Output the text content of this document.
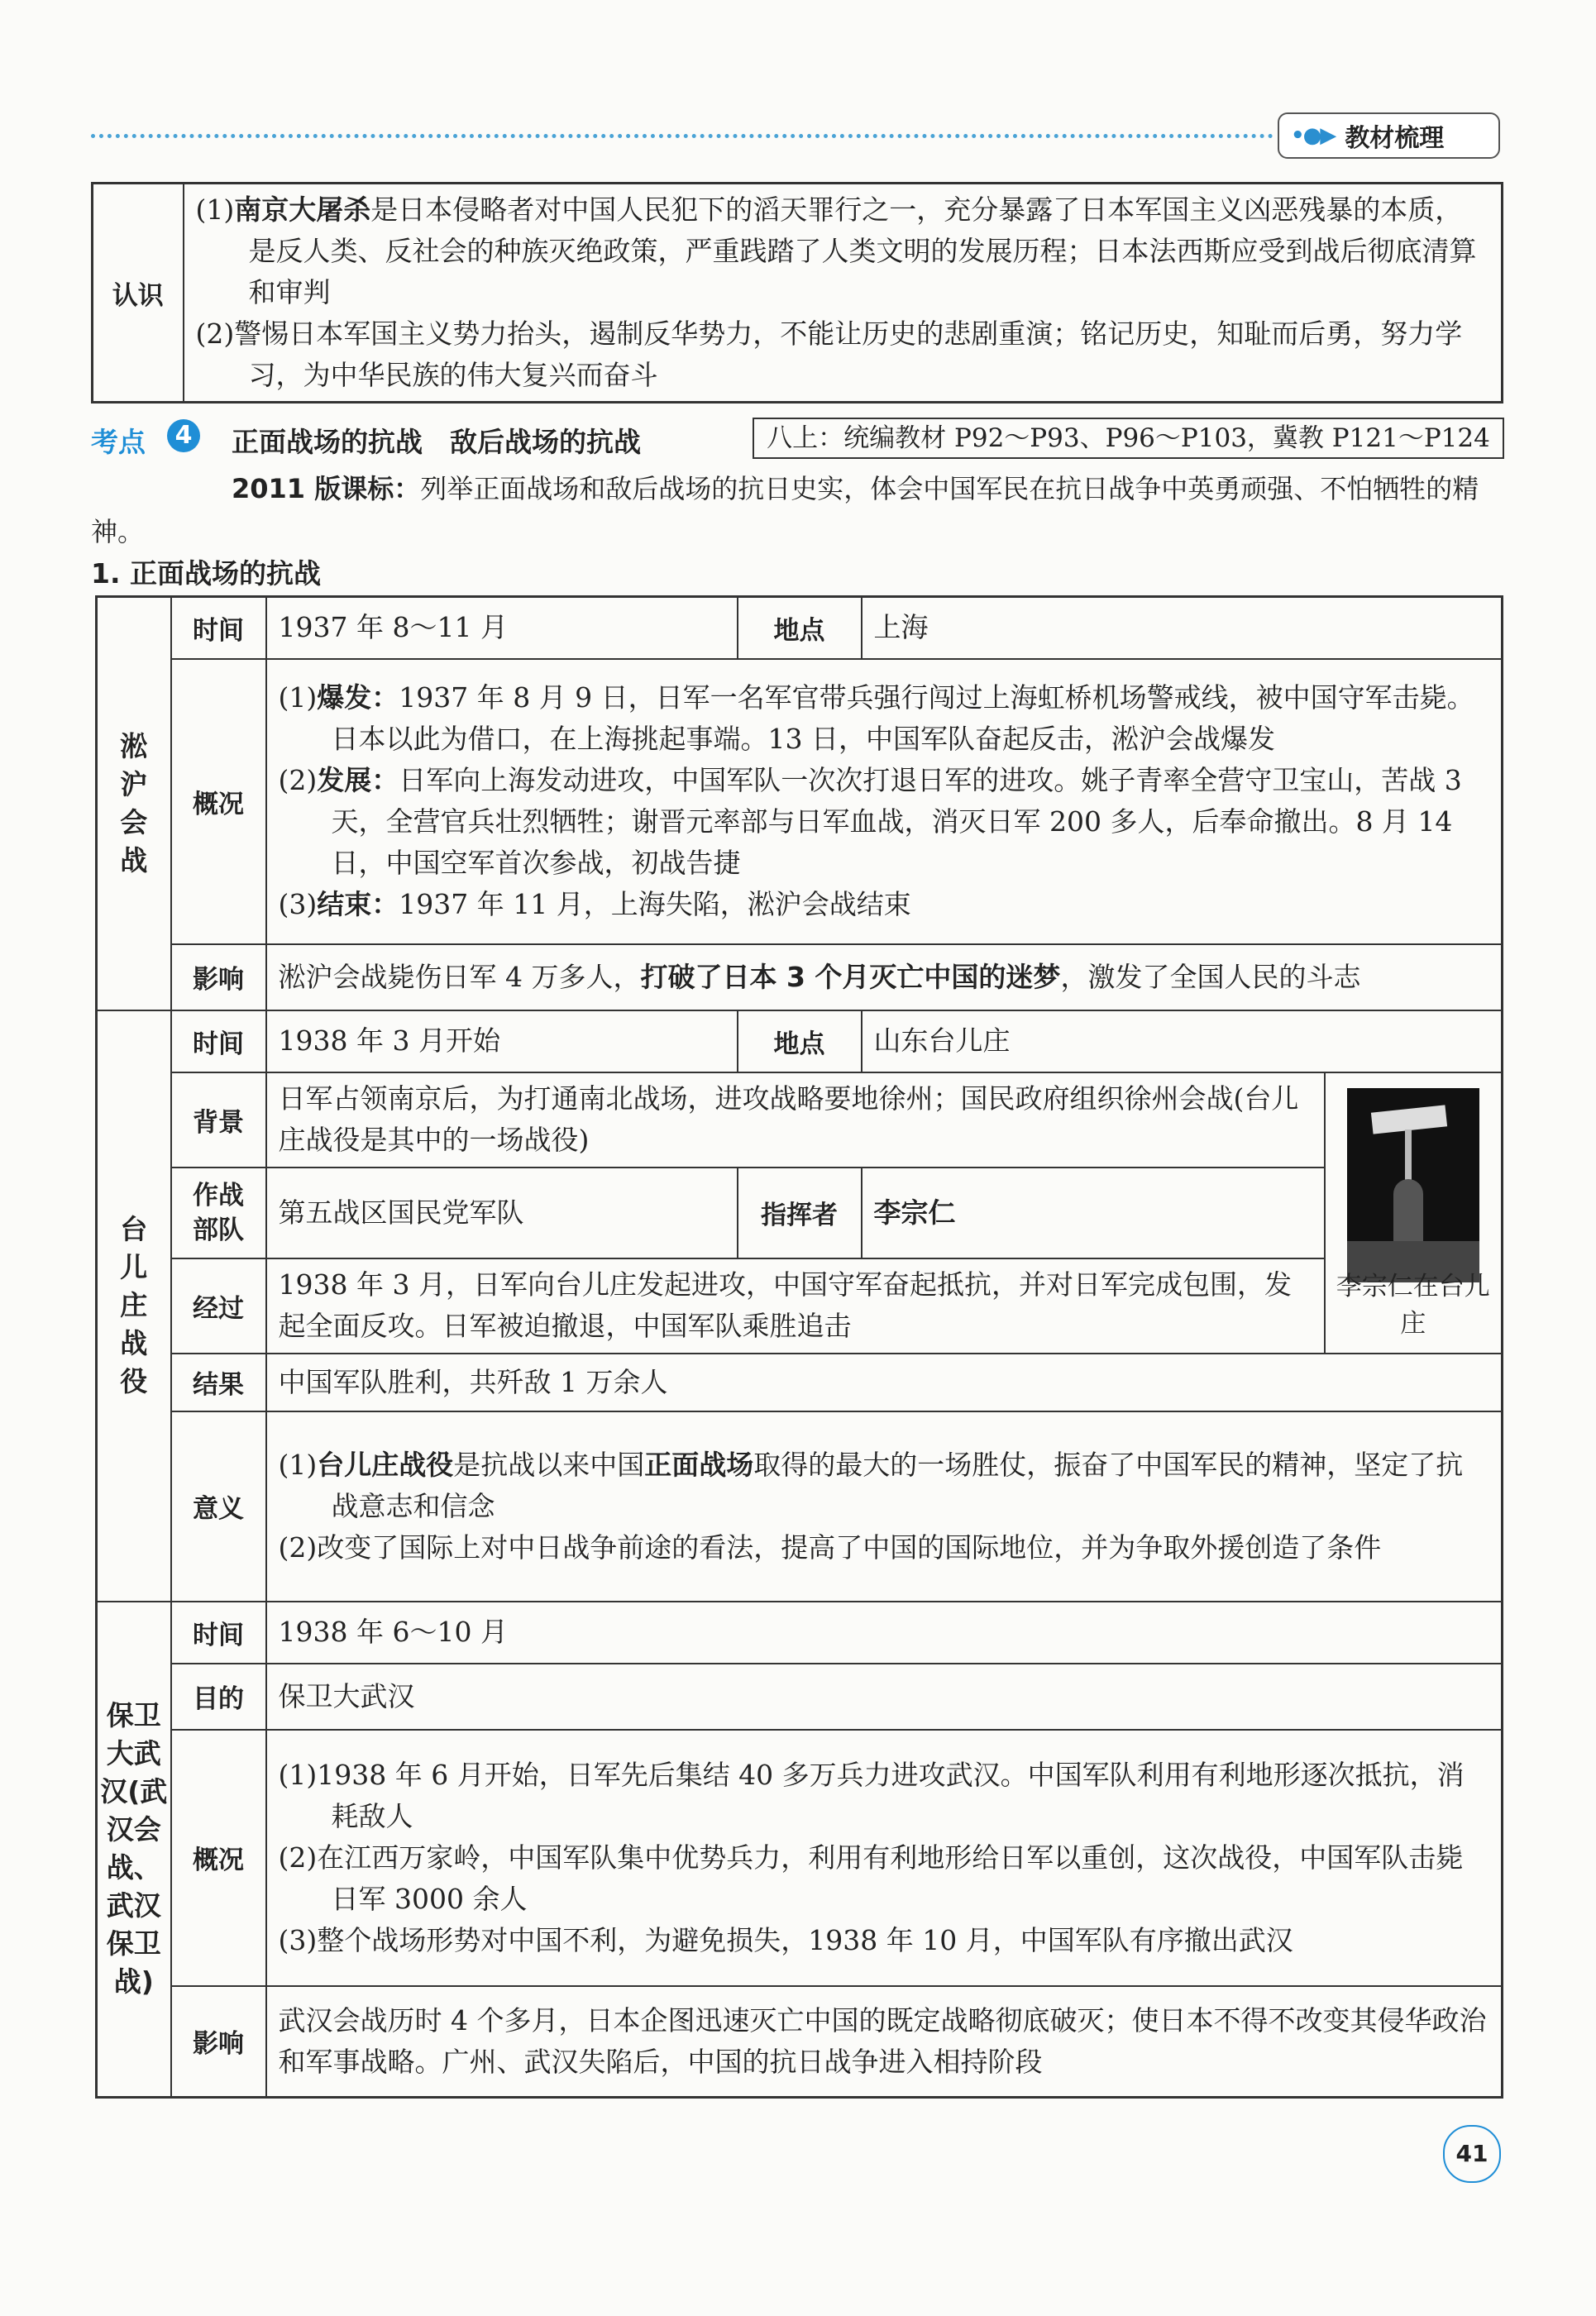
•●▶ 教材梳理
认识	
(1)南京大屠杀是日本侵略者对中国人民犯下的滔天罪行之一，充分暴露了日本军国主义凶恶残暴的本质，是反人类、反社会的种族灭绝政策，严重践踏了人类文明的发展历程；日本法西斯应受到战后彻底清算和审判
(2)警惕日本军国主义势力抬头，遏制反华势力，不能让历史的悲剧重演；铭记历史，知耻而后勇，努力学习，为中华民族的伟大复兴而奋斗
考点	4 正面战场的抗战　敌后战场的抗战	八上：统编教材 P92～P93、P96～P103，冀教 P121～P124
2011 版课标：列举正面战场和敌后战场的抗日史实，体会中国军民在抗日战争中英勇顽强、不怕牺牲的精神。
1. 正面战场的抗战
淞沪会战	时间	1937 年 8～11 月	地点	上海	
	概况	(1)爆发：1937 年 8 月 9 日，日军一名军官带兵强行闯过上海虹桥机场警戒线，被中国守军击毙。日本以此为借口，在上海挑起事端。13 日，中国军队奋起反击，淞沪会战爆发
(2)发展：日军向上海发动进攻，中国军队一次次打退日军的进攻。姚子青率全营守卫宝山，苦战 3 天，全营官兵壮烈牺牲；谢晋元率部与日军血战，消灭日军 200 多人，后奉命撤出。8 月 14 日，中国空军首次参战，初战告捷
(3)结束：1937 年 11 月，上海失陷，淞沪会战结束			

	影响	淞沪会战毙伤日军 4 万多人，打破了日本 3 个月灭亡中国的迷梦，激发了全国人民的斗志			

台儿庄战役	时间	1938 年 3 月开始	地点	山东台儿庄	
	背景	日军占领南京后，为打通南北战场，进攻战略要地徐州；国民政府组织徐州会战(台儿庄战役是其中的一场战役)			李宗仁在台儿庄

	作战部队	第五战区国民党军队	指挥者	李宗仁	
	经过	1938 年 3 月，日军向台儿庄发起进攻，中国守军奋起抵抗，并对日军完成包围，发起全面反攻。日军被迫撤退，中国军队乘胜追击			
	结果	中国军队胜利，共歼敌 1 万余人			
	意义	(1)台儿庄战役是抗战以来中国正面战场取得的最大的一场胜仗，振奋了中国军民的精神，坚定了抗战意志和信念
(2)改变了国际上对中日战争前途的看法，提高了中国的国际地位，并为争取外援创造了条件			

保卫大武汉(武汉会战、武汉保卫战)	时间	1938 年 6～10 月			
	目的	保卫大武汉			
	概况	(1)1938 年 6 月开始，日军先后集结 40 多万兵力进攻武汉。中国军队利用有利地形逐次抵抗，消耗敌人
(2)在江西万家岭，中国军队集中优势兵力，利用有利地形给日军以重创，这次战役，中国军队击毙日军 3000 余人
(3)整个战场形势对中国不利，为避免损失，1938 年 10 月，中国军队有序撤出武汉			

	影响	武汉会战历时 4 个多月，日本企图迅速灭亡中国的既定战略彻底破灭；使日本不得不改变其侵华政治和军事战略。广州、武汉失陷后，中国的抗日战争进入相持阶段			
41
